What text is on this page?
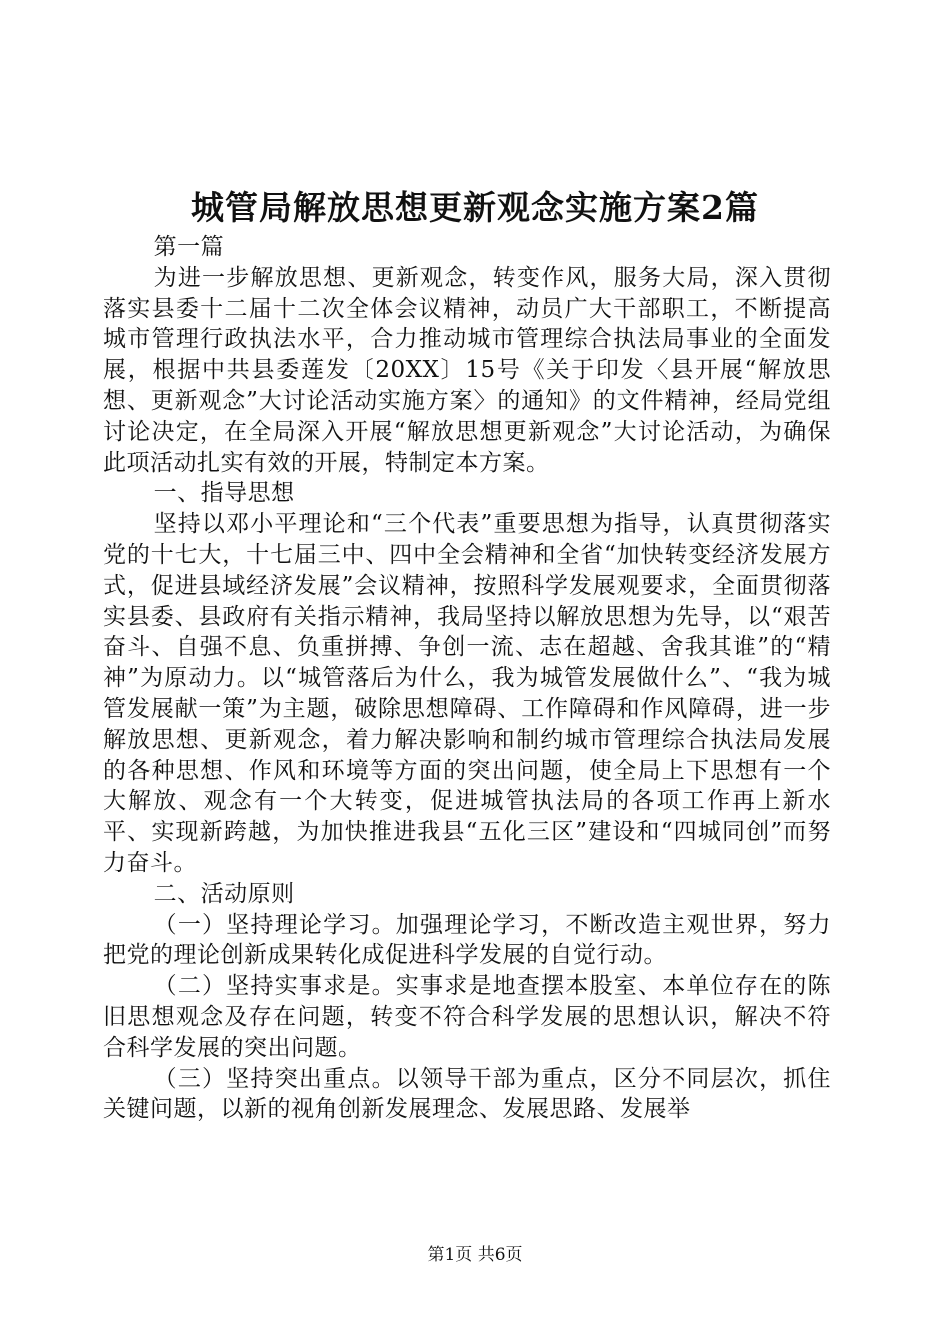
城管局解放思想更新观念实施方案2篇

第一篇

为进一步解放思想、更新观念，转变作风，服务大局，深入贯彻落实县委十二届十二次全体会议精神，动员广大干部职工，不断提高城市管理行政执法水平，合力推动城市管理综合执法局事业的全面发展，根据中共县委莲发〔20XX〕15号《关于印发〈县开展“解放思想、更新观念”大讨论活动实施方案〉的通知》的文件精神，经局党组讨论决定，在全局深入开展“解放思想更新观念”大讨论活动，为确保此项活动扎实有效的开展，特制定本方案。

一、指导思想

坚持以邓小平理论和“三个代表”重要思想为指导，认真贯彻落实党的十七大，十七届三中、四中全会精神和全省“加快转变经济发展方式，促进县域经济发展”会议精神，按照科学发展观要求，全面贯彻落实县委、县政府有关指示精神，我局坚持以解放思想为先导，以“艰苦奋斗、自强不息、负重拼搏、争创一流、志在超越、舍我其谁”的“精神”为原动力。以“城管落后为什么，我为城管发展做什么”、“我为城管发展献一策”为主题，破除思想障碍、工作障碍和作风障碍，进一步解放思想、更新观念，着力解决影响和制约城市管理综合执法局发展的各种思想、作风和环境等方面的突出问题，使全局上下思想有一个大解放、观念有一个大转变，促进城管执法局的各项工作再上新水平、实现新跨越，为加快推进我县“五化三区”建设和“四城同创”而努力奋斗。

二、活动原则

（一）坚持理论学习。加强理论学习，不断改造主观世界，努力把党的理论创新成果转化成促进科学发展的自觉行动。

（二）坚持实事求是。实事求是地查摆本股室、本单位存在的陈旧思想观念及存在问题，转变不符合科学发展的思想认识，解决不符合科学发展的突出问题。

（三）坚持突出重点。以领导干部为重点，区分不同层次，抓住关键问题，以新的视角创新发展理念、发展思路、发展举

第1页 共6页
